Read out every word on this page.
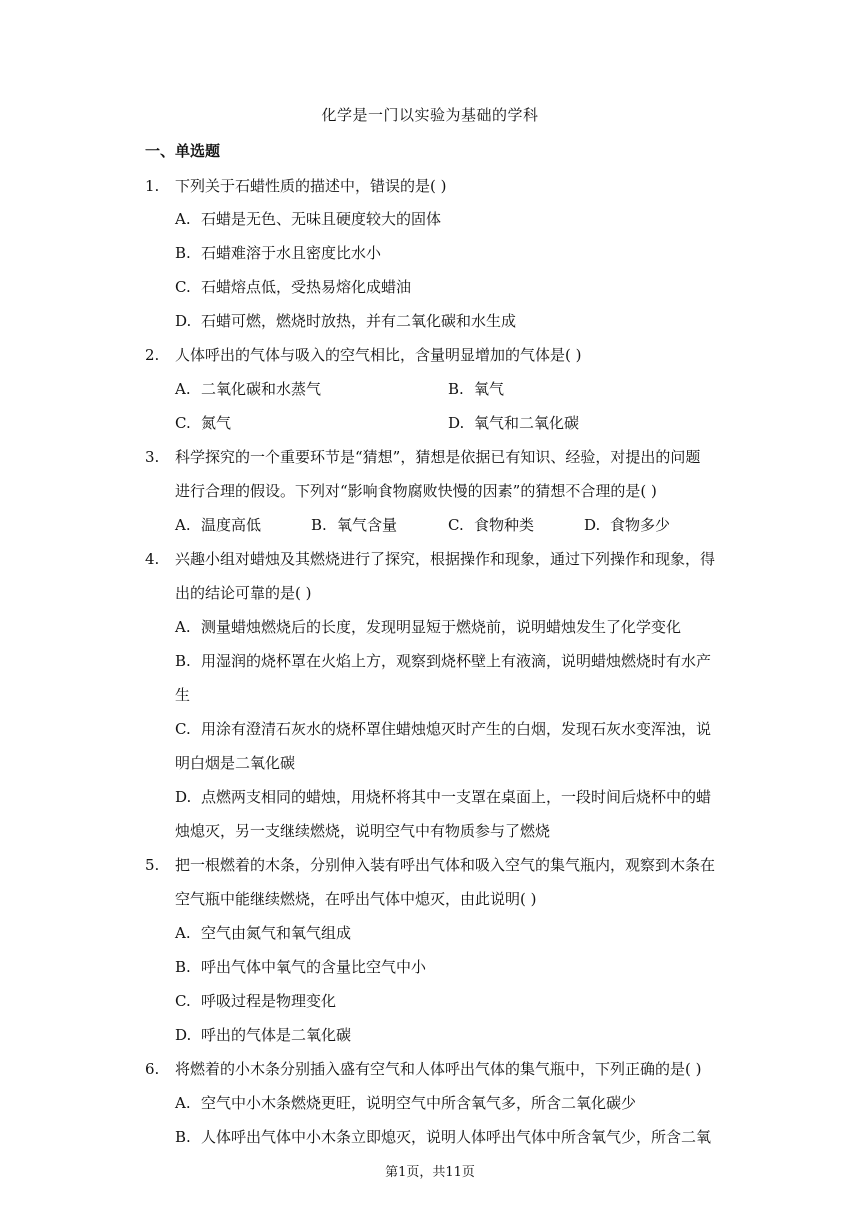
化学是一门以实验为基础的学科
一、单选题
1. 下列关于石蜡性质的描述中，错误的是( )
A. 石蜡是无色、无味且硬度较大的固体
B. 石蜡难溶于水且密度比水小
C. 石蜡熔点低，受热易熔化成蜡油
D. 石蜡可燃，燃烧时放热，并有二氧化碳和水生成
2. 人体呼出的气体与吸入的空气相比，含量明显增加的气体是( )
A. 二氧化碳和水蒸气	B. 氧气
C. 氮气	D. 氧气和二氧化碳
3. 科学探究的一个重要环节是“猜想”，猜想是依据已有知识、经验，对提出的问题
进行合理的假设。下列对“影响食物腐败快慢的因素”的猜想不合理的是( )
A. 温度高低	B. 氧气含量	C. 食物种类	D. 食物多少
4. 兴趣小组对蜡烛及其燃烧进行了探究，根据操作和现象，通过下列操作和现象，得
出的结论可靠的是( )
A. 测量蜡烛燃烧后的长度，发现明显短于燃烧前，说明蜡烛发生了化学变化
B. 用湿润的烧杯罩在火焰上方，观察到烧杯壁上有液滴，说明蜡烛燃烧时有水产
生
C. 用涂有澄清石灰水的烧杯罩住蜡烛熄灭时产生的白烟，发现石灰水变浑浊，说
明白烟是二氧化碳
D. 点燃两支相同的蜡烛，用烧杯将其中一支罩在桌面上，一段时间后烧杯中的蜡
烛熄灭，另一支继续燃烧，说明空气中有物质参与了燃烧
5. 把一根燃着的木条，分别伸入装有呼出气体和吸入空气的集气瓶内，观察到木条在
空气瓶中能继续燃烧，在呼出气体中熄灭，由此说明( )
A. 空气由氮气和氧气组成
B. 呼出气体中氧气的含量比空气中小
C. 呼吸过程是物理变化
D. 呼出的气体是二氧化碳
6. 将燃着的小木条分别插入盛有空气和人体呼出气体的集气瓶中，下列正确的是( )
A. 空气中小木条燃烧更旺，说明空气中所含氧气多，所含二氧化碳少
B. 人体呼出气体中小木条立即熄灭，说明人体呼出气体中所含氧气少，所含二氧
第1页，共11页
